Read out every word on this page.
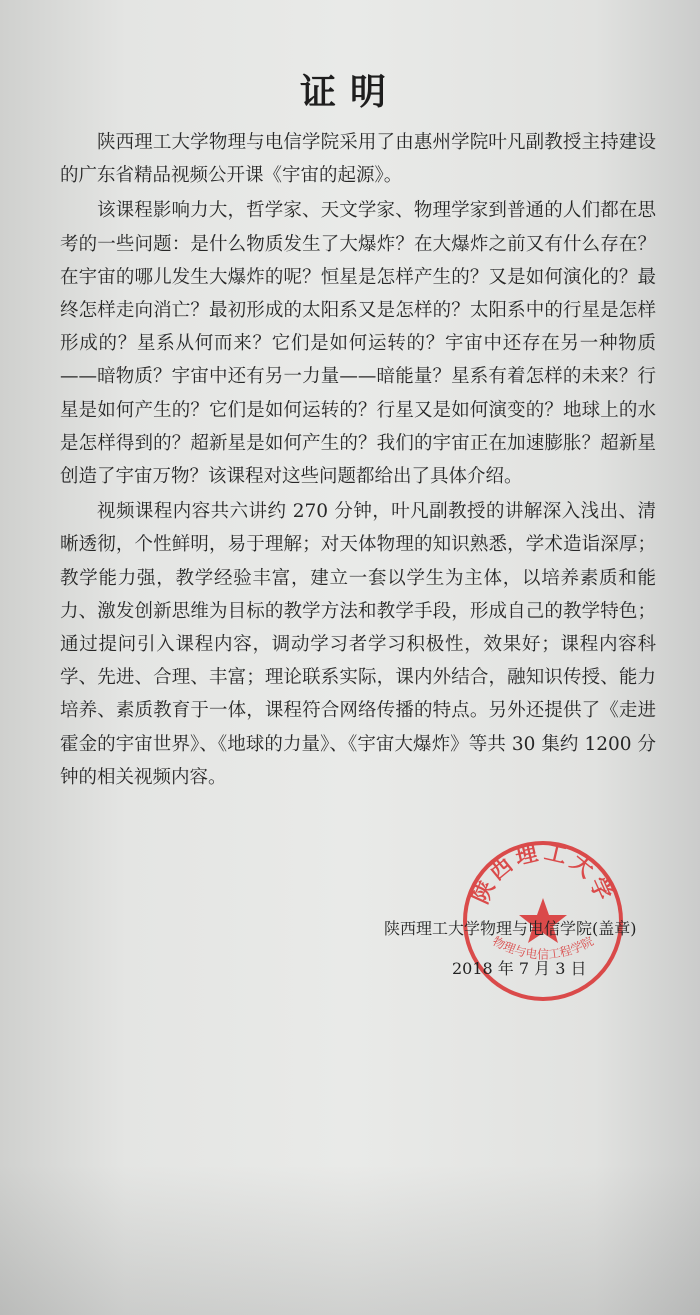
证明

陕西理工大学物理与电信学院采用了由惠州学院叶凡副教授主持建设的广东省精品视频公开课《宇宙的起源》。

该课程影响力大，哲学家、天文学家、物理学家到普通的人们都在思考的一些问题：是什么物质发生了大爆炸？在大爆炸之前又有什么存在？在宇宙的哪儿发生大爆炸的呢？恒星是怎样产生的？又是如何演化的？最终怎样走向消亡？最初形成的太阳系又是怎样的？太阳系中的行星是怎样形成的？星系从何而来？它们是如何运转的？宇宙中还存在另一种物质——暗物质？宇宙中还有另一力量——暗能量？星系有着怎样的未来？行星是如何产生的？它们是如何运转的？行星又是如何演变的？地球上的水是怎样得到的？超新星是如何产生的？我们的宇宙正在加速膨胀？超新星创造了宇宙万物？该课程对这些问题都给出了具体介绍。

视频课程内容共六讲约 270 分钟，叶凡副教授的讲解深入浅出、清晰透彻，个性鲜明，易于理解；对天体物理的知识熟悉，学术造诣深厚；教学能力强，教学经验丰富，建立一套以学生为主体，以培养素质和能力、激发创新思维为目标的教学方法和教学手段，形成自己的教学特色；通过提问引入课程内容，调动学习者学习积极性，效果好；课程内容科学、先进、合理、丰富；理论联系实际，课内外结合，融知识传授、能力培养、素质教育于一体，课程符合网络传播的特点。另外还提供了《走进霍金的宇宙世界》、《地球的力量》、《宇宙大爆炸》等共 30 集约 1200 分钟的相关视频内容。

陕西理工大学
物理与电信工程学院
陕西理工大学物理与电信学院(盖章)
2018 年 7 月 3 日
